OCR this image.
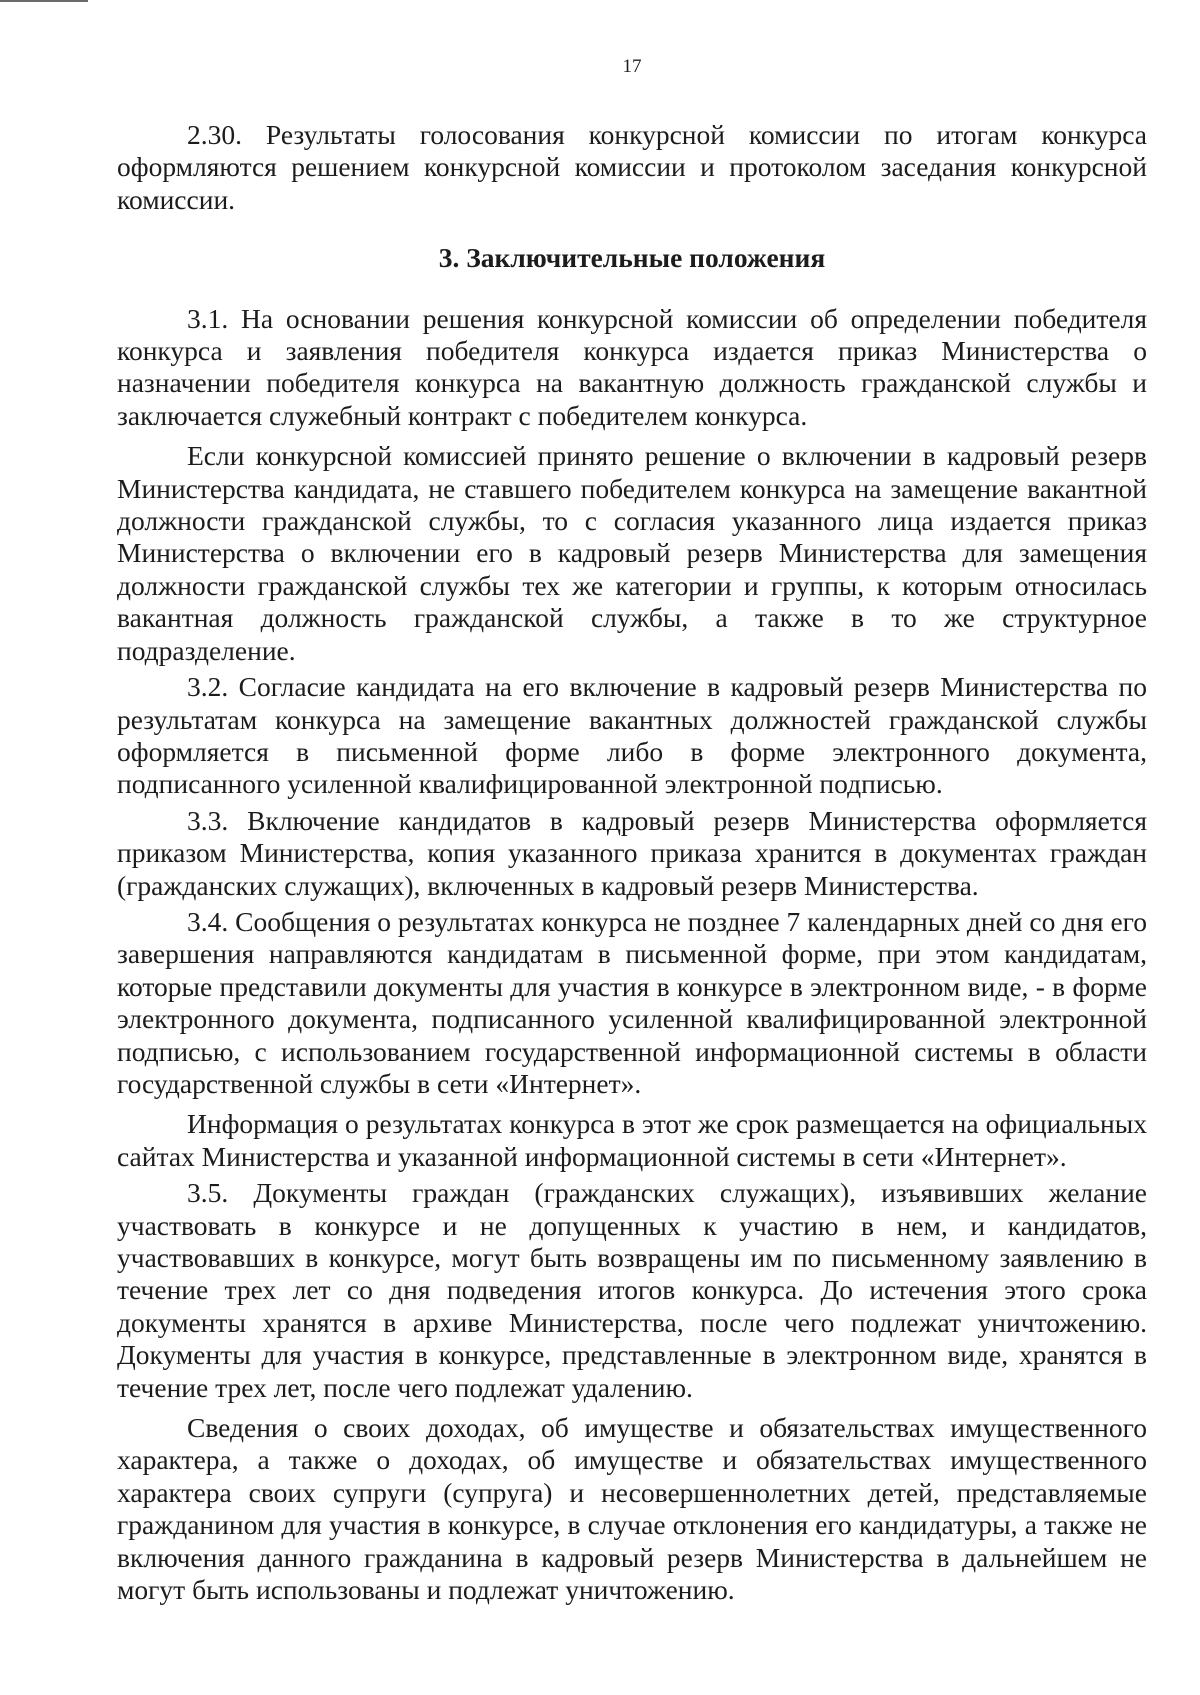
17

2.30. Результаты голосования конкурсной комиссии по итогам конкурса оформляются решением конкурсной комиссии и протоколом заседания конкурсной комиссии.

3. Заключительные положения

3.1. На основании решения конкурсной комиссии об определении победителя конкурса и заявления победителя конкурса издается приказ Министерства о назначении победителя конкурса на вакантную должность гражданской службы и заключается служебный контракт с победителем конкурса.

Если конкурсной комиссией принято решение о включении в кадровый резерв Министерства кандидата, не ставшего победителем конкурса на замещение вакантной должности гражданской службы, то с согласия указанного лица издается приказ Министерства о включении его в кадровый резерв Министерства для замещения должности гражданской службы тех же категории и группы, к которым относилась вакантная должность гражданской службы, а также в то же структурное подразделение.

3.2. Согласие кандидата на его включение в кадровый резерв Министерства по результатам конкурса на замещение вакантных должностей гражданской службы оформляется в письменной форме либо в форме электронного документа, подписанного усиленной квалифицированной электронной подписью.

3.3. Включение кандидатов в кадровый резерв Министерства оформляется приказом Министерства, копия указанного приказа хранится в документах граждан (гражданских служащих), включенных в кадровый резерв Министерства.

3.4. Сообщения о результатах конкурса не позднее 7 календарных дней со дня его завершения направляются кандидатам в письменной форме, при этом кандидатам, которые представили документы для участия в конкурсе в электронном виде, - в форме электронного документа, подписанного усиленной квалифицированной электронной подписью, с использованием государственной информационной системы в области государственной службы в сети «Интернет».

Информация о результатах конкурса в этот же срок размещается на официальных сайтах Министерства и указанной информационной системы в сети «Интернет».

3.5. Документы граждан (гражданских служащих), изъявивших желание участвовать в конкурсе и не допущенных к участию в нем, и кандидатов, участвовавших в конкурсе, могут быть возвращены им по письменному заявлению в течение трех лет со дня подведения итогов конкурса. До истечения этого срока документы хранятся в архиве Министерства, после чего подлежат уничтожению. Документы для участия в конкурсе, представленные в электронном виде, хранятся в течение трех лет, после чего подлежат удалению.

Сведения о своих доходах, об имуществе и обязательствах имущественного характера, а также о доходах, об имуществе и обязательствах имущественного характера своих супруги (супруга) и несовершеннолетних детей, представляемые гражданином для участия в конкурсе, в случае отклонения его кандидатуры, а также не включения данного гражданина в кадровый резерв Министерства в дальнейшем не могут быть использованы и подлежат уничтожению.
